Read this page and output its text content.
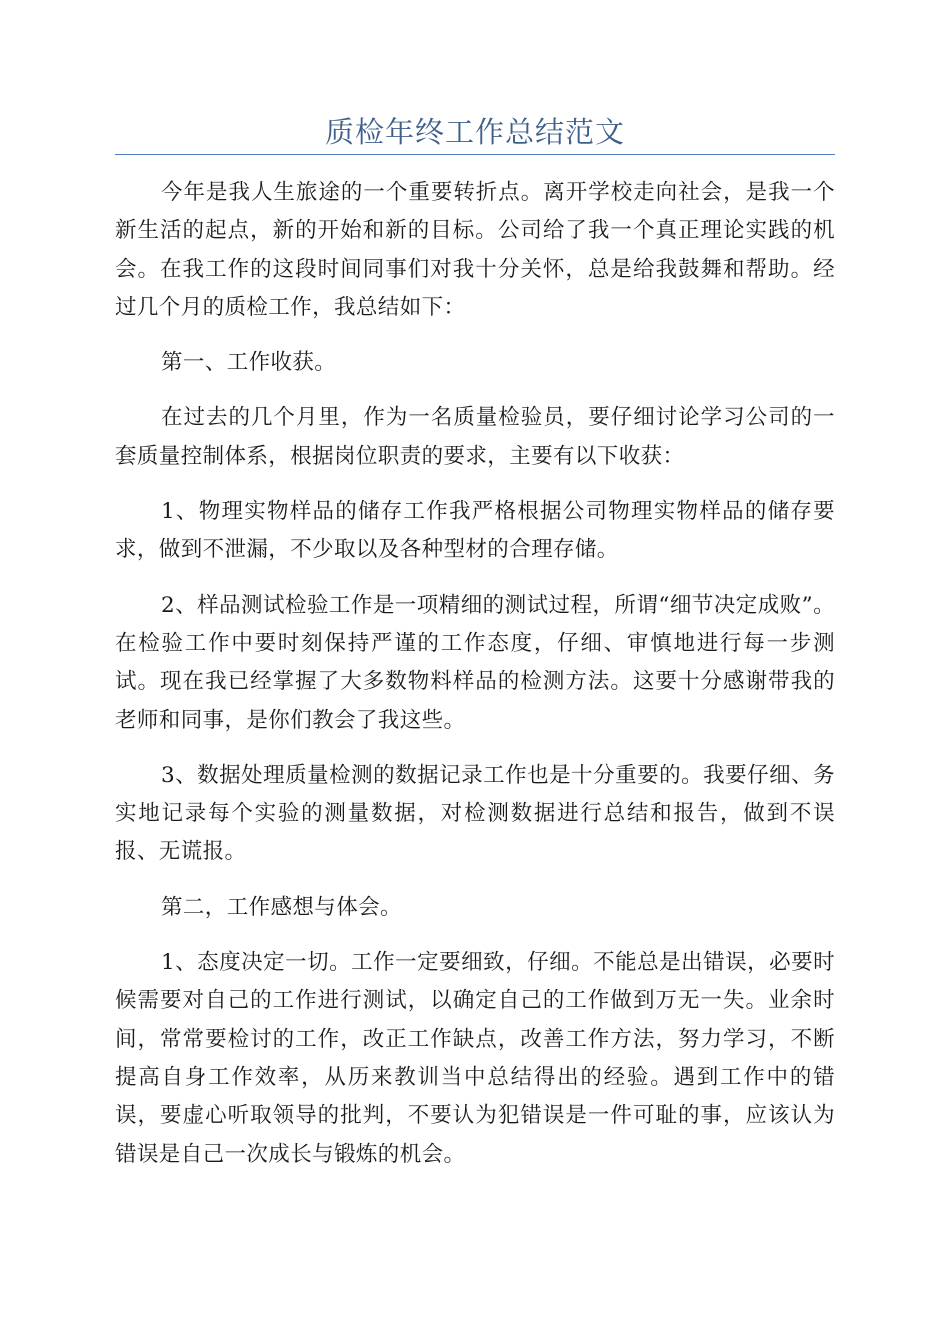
质检年终工作总结范文

今年是我人生旅途的一个重要转折点。离开学校走向社会，是我一个新生活的起点，新的开始和新的目标。公司给了我一个真正理论实践的机会。在我工作的这段时间同事们对我十分关怀，总是给我鼓舞和帮助。经过几个月的质检工作，我总结如下：

第一、工作收获。

在过去的几个月里，作为一名质量检验员，要仔细讨论学习公司的一套质量控制体系，根据岗位职责的要求，主要有以下收获：

1、物理实物样品的储存工作我严格根据公司物理实物样品的储存要求，做到不泄漏，不少取以及各种型材的合理存储。

2、样品测试检验工作是一项精细的测试过程，所谓“细节决定成败”。在检验工作中要时刻保持严谨的工作态度，仔细、审慎地进行每一步测试。现在我已经掌握了大多数物料样品的检测方法。这要十分感谢带我的老师和同事，是你们教会了我这些。

3、数据处理质量检测的数据记录工作也是十分重要的。我要仔细、务实地记录每个实验的测量数据，对检测数据进行总结和报告，做到不误报、无谎报。

第二，工作感想与体会。

1、态度决定一切。工作一定要细致，仔细。不能总是出错误，必要时候需要对自己的工作进行测试，以确定自己的工作做到万无一失。业余时间，常常要检讨的工作，改正工作缺点，改善工作方法，努力学习，不断提高自身工作效率，从历来教训当中总结得出的经验。遇到工作中的错误，要虚心听取领导的批判，不要认为犯错误是一件可耻的事，应该认为错误是自己一次成长与锻炼的机会。
